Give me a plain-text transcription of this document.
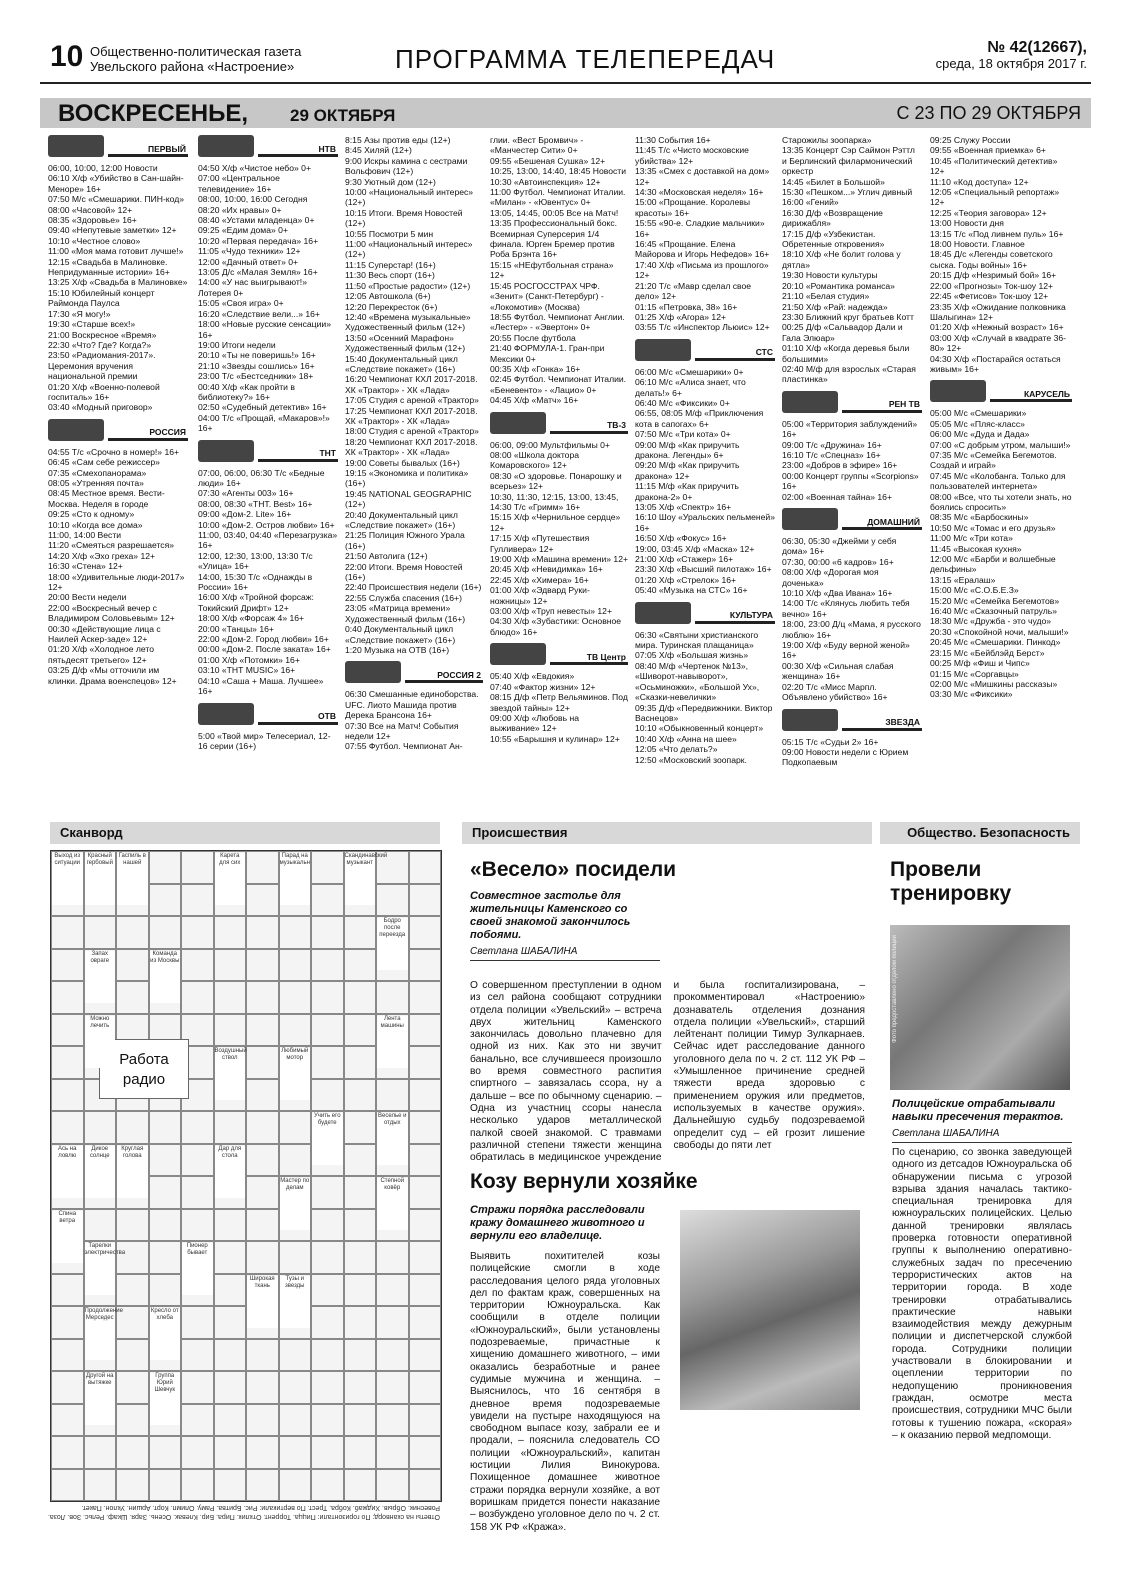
10 Общественно-политическая газета
Увельского района «Настроение»	ПРОГРАММА ТЕЛЕПЕРЕДАЧ	№ 42(12667),
среда, 18 октября 2017 г.
ВОСКРЕСЕНЬЕ, 29 ОКТЯБРЯ	С 23 ПО 29 ОКТЯБРЯ
ПЕРВЫЙ
06:00, 10:00, 12:00 Новости
06:10 Х/ф «Убийство в Сан-шайн-Меноре» 16+
07:50 М/с «Смешарики. ПИН-код»
08:00 «Часовой» 12+
08:35 «Здоровье» 16+
09:40 «Непутевые заметки» 12+
10:10 «Честное слово»
11:00 «Моя мама готовит лучше!»
12:15 «Свадьба в Малиновке. Непридуманные истории» 16+
13:25 Х/ф «Свадьба в Малиновке»
15:10 Юбилейный концерт Раймонда Паулса
17:30 «Я могу!»
19:30 «Старше всех!»
21:00 Воскресное «Время»
22:30 «Что? Где? Когда?»
23:50 «Радиомания-2017». Церемония вручения национальной премии
01:20 Х/ф «Военно-полевой госпиталь» 16+
03:40 «Модный приговор»
РОССИЯ
04:55 Т/с «Срочно в номер!» 16+
06:45 «Сам себе режиссер»
07:35 «Смехопанорама»
08:05 «Утренняя почта»
08:45 Местное время. Вести-Москва. Неделя в городе
09:25 «Сто к одному»
10:10 «Когда все дома»
11:00, 14:00 Вести
11:20 «Смеяться разрешается»
14:20 Х/ф «Эхо греха» 12+
16:30 «Стена» 12+
18:00 «Удивительные люди-2017» 12+
20:00 Вести недели
22:00 «Воскресный вечер с Владимиром Соловьевым» 12+
00:30 «Действующие лица с Наилей Аскер-заде» 12+
01:20 Х/ф «Холодное лето пятьдесят третьего» 12+
03:25 Д/ф «Мы отточили им клинки. Драма военспецов» 12+
НТВ
04:50 Х/ф «Чистое небо» 0+
07:00 «Центральное телевидение» 16+
08:00, 10:00, 16:00 Сегодня
08:20 «Их нравы» 0+
08:40 «Устами младенца» 0+
09:25 «Едим дома» 0+
10:20 «Первая передача» 16+
11:05 «Чудо техники» 12+
12:00 «Дачный ответ» 0+
13:05 Д/с «Малая Земля» 16+
14:00 «У нас выигрывают!» Лотерея 0+
15:05 «Своя игра» 0+
16:20 «Следствие вели...» 16+
18:00 «Новые русские сенсации» 16+
19:00 Итоги недели
20:10 «Ты не поверишь!» 16+
21:10 «Звезды сошлись» 16+
23:00 Т/с «Бестседники» 18+
00:40 Х/ф «Как пройти в библиотеку?» 16+
02:50 «Судебный детектив» 16+
04:00 Т/с «Прощай, «Макаров»!» 16+
ТНТ
07:00, 06:00, 06:30 Т/с «Бедные люди» 16+
07:30 «Агенты 003» 16+
08:00, 08:30 «ТНТ. Best» 16+
09:00 «Дом-2. Lite» 16+
10:00 «Дом-2. Остров любви» 16+
11:00, 03:40, 04:40 «Перезагрузка» 16+
12:00, 12:30, 13:00, 13:30 Т/с «Улица» 16+
14:00, 15:30 Т/с «Однажды в России» 16+
16:00 Х/ф «Тройной форсаж: Токийский Дрифт» 12+
18:00 Х/ф «Форсаж 4» 16+
20:00 «Танцы» 16+
22:00 «Дом-2. Город любви» 16+
00:00 «Дом-2. После заката» 16+
01:00 Х/ф «Потомки» 16+
03:10 «ТНТ MUSIC» 16+
04:10 «Саша + Маша. Лучшее» 16+
ОТВ
5:00 «Твой мир» Телесериал, 12-16 серии (16+)
8:15 Азы против еды (12+)
8:45 Хиляй (12+)
9:00 Искры камина с сестрами Вольфович (12+)
9:30 Уютный дом (12+)
10:00 «Национальный интерес» (12+)
10:15 Итоги. Время Новостей (12+)
10:55 Посмотри 5 мин
11:00 «Национальный интерес» (12+)
11:15 Суперстар! (16+)
11:30 Весь спорт (16+)
11:50 «Простые радости» (12+)
12:05 Автошкола (6+)
12:20 Перекресток (6+)
12:40 «Времена музыкальные» Художественный фильм (12+)
13:50 «Осенний Марафон» Художественный фильм (12+)
15:40 Документальный цикл «Следствие покажет» (16+)
16:20 Чемпионат КХЛ 2017-2018. ХК «Трактор» - ХК «Лада»
17:05 Студия с ареной «Трактор»
17:25 Чемпионат КХЛ 2017-2018. ХК «Трактор» - ХК «Лада»
18:00 Студия с ареной «Трактор»
18:20 Чемпионат КХЛ 2017-2018. ХК «Трактор» - ХК «Лада»
19:00 Советы бывалых (16+)
19:15 «Экономика и политика» (16+)
19:45 NATIONAL GEOGRAPHIC (12+)
20:40 Документальный цикл «Следствие покажет» (16+)
21:25 Полиция Южного Урала (16+)
21:50 Автолига (12+)
22:00 Итоги. Время Новостей (16+)
22:40 Происшествия недели (16+)
22:55 Служба спасения (16+)
23:05 «Матрица времени» Художественный фильм (16+)
0:40 Документальный цикл «Следствие покажет» (16+)
1:20 Музыка на ОТВ (16+)
РОССИЯ 2
06:30 Смешанные единоборства. UFC. Лиото Машида против Дерека Брансона 16+
07:30 Все на Матч! События недели 12+
07:55 Футбол. Чемпионат Ан-
глии. «Вест Бромвич» - «Манчестер Сити» 0+
09:55 «Бешеная Сушка» 12+
10:25, 13:00, 14:40, 18:45 Новости
10:30 «Автоинспекция» 12+
11:00 Футбол. Чемпионат Италии. «Милан» - «Ювентус» 0+
13:05, 14:45, 00:05 Все на Матч!
13:35 Профессиональный бокс. Всемирная Суперсерия 1/4 финала. Юрген Бремер против Роба Брэнта 16+
15:15 «НЕфутбольная страна» 12+
15:45 РОСГОССТРАХ ЧРФ. «Зенит» (Санкт-Петербург) - «Локомотив» (Москва)
18:55 Футбол. Чемпионат Англии. «Лестер» - «Эвертон» 0+
20:55 После футбола
21:40 ФОРМУЛА-1. Гран-при Мексики 0+
00:35 Х/ф «Гонка» 16+
02:45 Футбол. Чемпионат Италии. «Беневенто» - «Лацио» 0+
04:45 Х/ф «Матч» 16+
ТВ-3
06:00, 09:00 Мультфильмы 0+
08:00 «Школа доктора Комаровского» 12+
08:30 «О здоровье. Понарошку и всерьез» 12+
10:30, 11:30, 12:15, 13:00, 13:45, 14:30 Т/с «Гримм» 16+
15:15 Х/ф «Чернильное сердце» 12+
17:15 Х/ф «Путешествия Гулливера» 12+
19:00 Х/ф «Машина времени» 12+
20:45 Х/ф «Невидимка» 16+
22:45 Х/ф «Химера» 16+
01:00 Х/ф «Эдвард Руки-ножницы» 12+
03:00 Х/ф «Труп невесты» 12+
04:30 Х/ф «Зубастики: Основное блюдо» 16+
ТВ Центр
05:40 Х/ф «Евдокия»
07:40 «Фактор жизни» 12+
08:15 Д/ф «Петр Вельяминов. Под звездой тайны» 12+
09:00 Х/ф «Любовь на выживание» 12+
10:55 «Барышня и кулинар» 12+
11:30 События 16+
11:45 Т/с «Чисто московские убийства» 12+
13:35 «Смех с доставкой на дом» 12+
14:30 «Московская неделя» 16+
15:00 «Прощание. Королевы красоты» 16+
15:55 «90-е. Сладкие мальчики» 16+
16:45 «Прощание. Елена Майорова и Игорь Нефедов» 16+
17:40 Х/ф «Письма из прошлого» 12+
21:20 Т/с «Мавр сделал свое дело» 12+
01:15 «Петровка, 38» 16+
01:25 Х/ф «Агора» 12+
03:55 Т/с «Инспектор Льюис» 12+
СТС
06:00 М/с «Смешарики» 0+
06:10 М/с «Алиса знает, что делать!» 6+
06:40 М/с «Фиксики» 0+
06:55, 08:05 М/ф «Приключения кота в сапогах» 6+
07:50 М/с «Три кота» 0+
09:00 М/ф «Как приручить дракона. Легенды» 6+
09:20 М/ф «Как приручить дракона» 12+
11:15 М/ф «Как приручить дракона-2» 0+
13:05 Х/ф «Спектр» 16+
16:10 Шоу «Уральских пельменей» 16+
16:50 Х/ф «Фокус» 16+
19:00, 03:45 Х/ф «Маска» 12+
21:00 Х/ф «Стажер» 16+
23:30 Х/ф «Высший пилотаж» 16+
01:20 Х/ф «Стрелок» 16+
05:40 «Музыка на СТС» 16+
КУЛЬТУРА
06:30 «Святыни христианского мира. Туринская плащаница»
07:05 Х/ф «Большая жизнь»
08:40 М/ф «Чертенок №13», «Шиворот-навыворот», «Осьминожки», «Большой Ух», «Сказки-невелички»
09:35 Д/ф «Передвижники. Виктор Васнецов»
10:10 «Обыкновенный концерт»
10:40 Х/ф «Анна на шее»
12:05 «Что делать?»
12:50 «Московский зоопарк.
Старожилы зоопарка»
13:35 Концерт Сэр Саймон Рэттл и Берлинский филармонический оркестр
14:45 «Билет в Большой»
15:30 «Пешком...» Углич дивный
16:00 «Гений»
16:30 Д/ф «Возвращение дирижабля»
17:15 Д/ф «Узбекистан. Обретенные откровения»
18:10 Х/ф «Не болит голова у дятла»
19:30 Новости культуры
20:10 «Романтика романса»
21:10 «Белая студия»
21:50 Х/ф «Рай: надежда»
23:30 Ближний круг братьев Котт
00:25 Д/ф «Сальвадор Дали и Гала Элюар»
01:10 Х/ф «Когда деревья были большими»
02:40 М/ф для взрослых «Старая пластинка»
РЕН ТВ
05:00 «Территория заблуждений» 16+
09:00 Т/с «Дружина» 16+
16:10 Т/с «Спецназ» 16+
23:00 «Добров в эфире» 16+
00:00 Концерт группы «Scorpions» 16+
02:00 «Военная тайна» 16+
ДОМАШНИЙ
06:30, 05:30 «Джейми у себя дома» 16+
07:30, 00:00 «6 кадров» 16+
08:00 Х/ф «Дорогая моя доченька»
10:10 Х/ф «Два Ивана» 16+
14:00 Т/с «Клянусь любить тебя вечно» 16+
18:00, 23:00 Д/ц «Мама, я русского люблю» 16+
19:00 Х/ф «Буду верной женой» 16+
00:30 Х/ф «Сильная слабая женщина» 16+
02:20 Т/с «Мисс Марпл. Объявлено убийство» 16+
ЗВЕЗДА
05:15 Т/с «Судьи 2» 16+
09:00 Новости недели с Юрием Подкопаевым
09:25 Служу России
09:55 «Военная приемка» 6+
10:45 «Политический детектив» 12+
11:10 «Код доступа» 12+
12:05 «Специальный репортаж» 12+
12:25 «Теория заговора» 12+
13:00 Новости дня
13:15 Т/с «Под ливнем пуль» 16+
18:00 Новости. Главное
18:45 Д/с «Легенды советского сыска. Годы войны» 16+
20:15 Д/ф «Незримый бой» 16+
22:00 «Прогнозы» Ток-шоу 12+
22:45 «Фетисов» Ток-шоу 12+
23:35 Х/ф «Ожидание полковника Шалыгина» 12+
01:20 Х/ф «Нежный возраст» 16+
03:00 Х/ф «Случай в квадрате 36-80» 12+
04:30 Х/ф «Постарайся остаться живым» 16+
КАРУСЕЛЬ
05:00 М/с «Смешарики»
05:05 М/с «Пляс-класс»
06:00 М/с «Дуда и Дада»
07:00 «С добрым утром, малыши!»
07:35 М/с «Семейка Бегемотов. Создай и играй»
07:45 М/с «Колобанга. Только для пользователей интернета»
08:00 «Все, что ты хотели знать, но боялись спросить»
08:35 М/с «Барбоскины»
10:50 М/с «Томас и его друзья»
11:00 М/с «Три кота»
11:45 «Высокая кухня»
12:00 М/с «Барби и волшебные дельфины»
13:15 «Ералаш»
15:00 М/с «С.О.Б.Е.З»
15:20 М/с «Семейка Бегемотов»
16:40 М/с «Сказочный патруль»
18:30 М/с «Дружба - это чудо»
20:30 «Спокойной ночи, малыши!»
20:45 М/с «Смешарики. Пинкод»
23:15 М/с «Бейблэйд Берст»
00:25 М/ф «Фиш и Чипс»
01:15 М/с «Соргавцы»
02:00 М/с «Мишкины рассказы»
03:30 М/с «Фиксики»
Сканворд	Происшествия	Общество. Безопасность
Работа радио
Выход из ситуации
Красный гербовый
Гаспиль в нашей
Карета для сих
Парад на музыкальн
Скандинавский музыкант
Бодро после переезда
Запах овраге
Команда из Москвы
Лента машины
Можно лечить
Воздушный ствол
Любимый мотор
Учить его будете
Веселье и отдых
Ась на ловлю
Дикое солнце
Круглая голова
Дар для стола
Мастер по делам
Степной ковёр
Спина ветра
Тарелки электричества
Пионер бывает
Широкая ткань
Тузы и звезды
Продолжение Мерседес
Кресло от хлеба
Другой на вытяжке
Группа Юрий Шевчук
Ответы на сканворд: По горизонтали: Пицца. Торрент. Отклик. Пира. Бир. Клевак. Осень. Заря. Шкаф. Рельс. Зов. Лоза. Ровесник. Обрыв. Хиджаб. Кобра. Трест. По вертикали: Рис. Бритва. Раму. Олимп. Корт. Аршин. Уклон. Пакет.
«Весело» посидели
Совместное застолье для жительницы Каменского со своей знакомой закончилось побоями.
Светлана ШАБАЛИНА
О совершенном преступлении в одном из сел района сообщают сотрудники отдела полиции «Увельский» – встреча двух жительниц Каменского закончилась довольно плачевно для одной из них. Как это ни звучит банально, все случившееся произошло во время совместного распития спиртного – завязалась ссора, ну а дальше – все по обычному сценарию. – Одна из участниц ссоры нанесла несколько ударов металлической палкой своей знакомой. С травмами различной степени тяжести женщина обратилась в медицинское учреждение и была госпитализирована, – прокомментировал «Настроению» дознаватель отделения дознания отдела полиции «Увельский», старший лейтенант полиции Тимур Зулкарнаев. Сейчас идет расследование данного уголовного дела по ч. 2 ст. 112 УК РФ – «Умышленное причинение средней тяжести вреда здоровью с применением оружия или предметов, используемых в качестве оружия». Дальнейшую судьбу подозреваемой определит суд – ей грозит лишение свободы до пяти лет
Козу вернули хозяйке
Стражи порядка расследовали кражу домашнего животного и вернули его владелице.
Выявить похитителей козы полицейские смогли в ходе расследования целого ряда уголовных дел по фактам краж, совершенных на территории Южноуральска. Как сообщили в отделе полиции «Южноуральский», были установлены подозреваемые, причастные к хищению домашнего животного, – ими оказались безработные и ранее судимые мужчина и женщина. – Выяснилось, что 16 сентября в дневное время подозреваемые увидели на пустыре находящуюся на свободном выпасе козу, забрали ее и продали, – пояснила следователь СО полиции «Южноуральский», капитан юстиции Лилия Винокурова. Похищенное домашнее животное стражи порядка вернули хозяйке, а вот воришкам придется понести наказание – возбуждено уголовное дело по ч. 2 ст. 158 УК РФ «Кража».
Провели тренировку
Фото предоставлено отделом полиции
Полицейские отрабатывали навыки пресечения терактов.
Светлана ШАБАЛИНА
По сценарию, со звонка заведующей одного из детсадов Южноуральска об обнаружении письма с угрозой взрыва здания началась тактико-специальная тренировка для южноуральских полицейских. Целью данной тренировки являлась проверка готовности оперативной группы к выполнению оперативно-служебных задач по пресечению террористических актов на территории города. В ходе тренировки отрабатывались практические навыки взаимодействия между дежурным полиции и диспетчерской службой города. Сотрудники полиции участвовали в блокировании и оцеплении территории по недопущению проникновения граждан, осмотре места происшествия, сотрудники МЧС были готовы к тушению пожара, «скорая» – к оказанию первой медпомощи.
